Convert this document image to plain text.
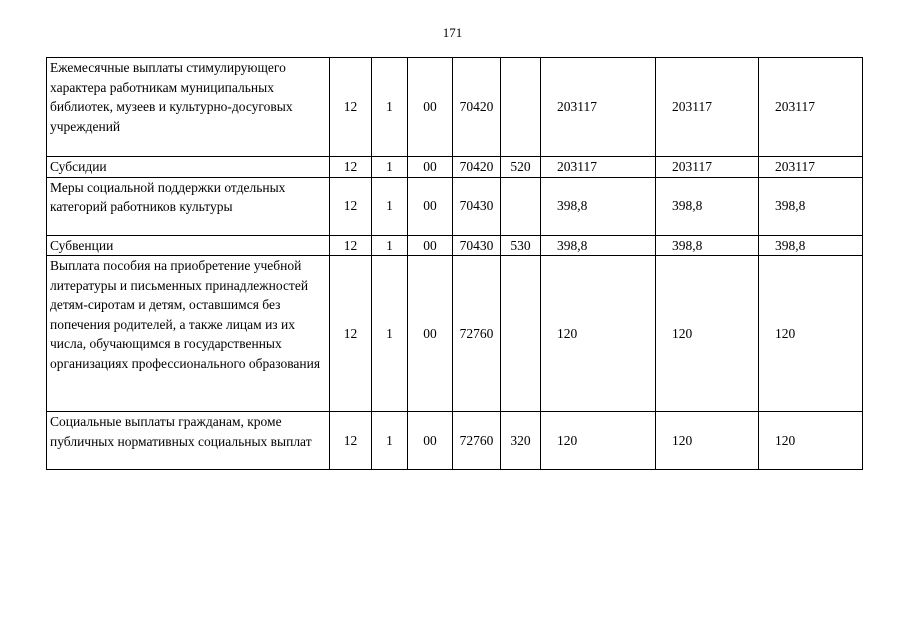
171
Ежемесячные выплаты стимулирующего характера работникам муниципальных библиотек, музеев и культурно-досуговых учреждений	12	1	00	70420		203117	203117	203117
Субсидии	12	1	00	70420	520	203117	203117	203117
Меры социальной поддержки отдельных категорий работников культуры	12	1	00	70430		398,8	398,8	398,8
Субвенции	12	1	00	70430	530	398,8	398,8	398,8
Выплата пособия на приобретение учебной литературы и письменных принадлежностей детям-сиротам и детям, оставшимся без попечения родителей, а также лицам из их числа, обучающимся в государственных организациях профессионального образования	12	1	00	72760		120	120	120
Социальные выплаты гражданам, кроме публичных нормативных социальных выплат	12	1	00	72760	320	120	120	120
